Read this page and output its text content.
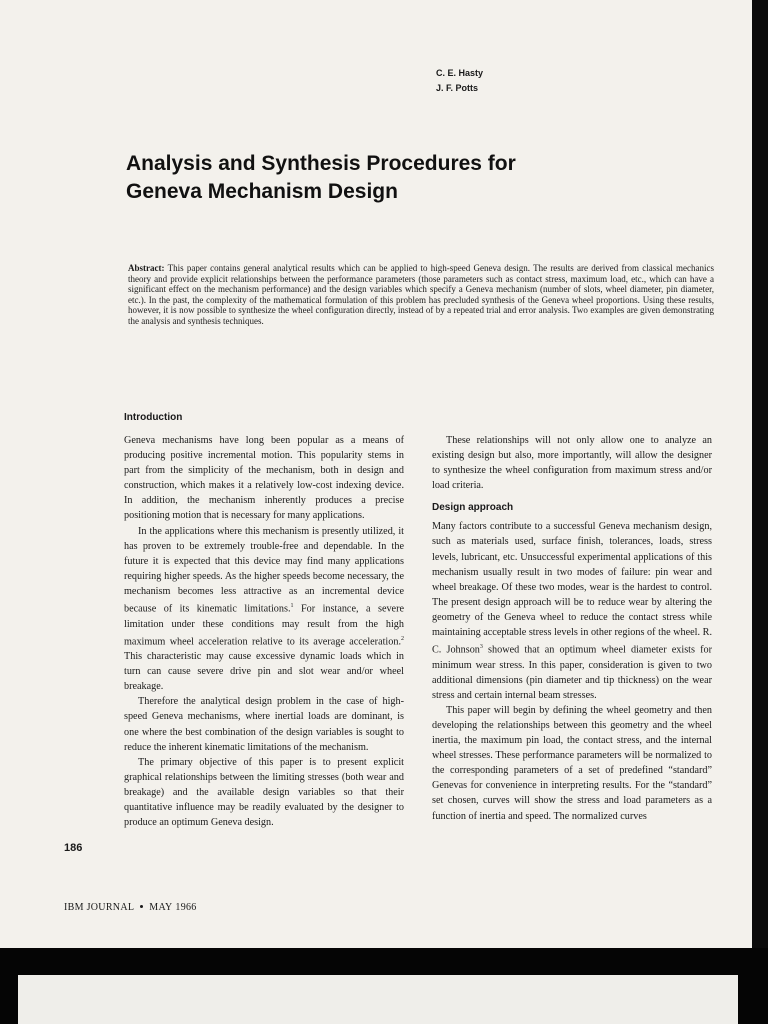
C. E. Hasty
J. F. Potts
Analysis and Synthesis Procedures for
Geneva Mechanism Design
Abstract: This paper contains general analytical results which can be applied to high-speed Geneva design. The results are derived from classical mechanics theory and provide explicit relationships between the performance parameters (those parameters such as contact stress, maximum load, etc., which can have a significant effect on the mechanism performance) and the design variables which specify a Geneva mechanism (number of slots, wheel diameter, pin diameter, etc.). In the past, the complexity of the mathematical formulation of this problem has precluded synthesis of the Geneva wheel proportions. Using these results, however, it is now possible to synthesize the wheel configuration directly, instead of by a repeated trial and error analysis. Two examples are given demonstrating the analysis and synthesis techniques.
Introduction

Geneva mechanisms have long been popular as a means of producing positive incremental motion. This popularity stems in part from the simplicity of the mechanism, both in design and construction, which makes it a relatively low-cost indexing device. In addition, the mechanism inherently produces a precise positioning motion that is necessary for many applications.

In the applications where this mechanism is presently utilized, it has proven to be extremely trouble-free and dependable. In the future it is expected that this device may find many applications requiring higher speeds. As the higher speeds become necessary, the mechanism becomes less attractive as an incremental device because of its kinematic limitations.$^1$ For instance, a severe limitation under these conditions may result from the high maximum wheel acceleration relative to its average acceleration.$^2$ This characteristic may cause excessive dynamic loads which in turn can cause severe drive pin and slot wear and/or wheel breakage.

Therefore the analytical design problem in the case of high-speed Geneva mechanisms, where inertial loads are dominant, is one where the best combination of the design variables is sought to reduce the inherent kinematic limitations of the mechanism.

The primary objective of this paper is to present explicit graphical relationships between the limiting stresses (both wear and breakage) and the available design variables so that their quantitative influence may be readily evaluated by the designer to produce an optimum Geneva design.

These relationships will not only allow one to analyze an existing design but also, more importantly, will allow the designer to synthesize the wheel configuration from maximum stress and/or load criteria.

Design approach

Many factors contribute to a successful Geneva mechanism design, such as materials used, surface finish, tolerances, loads, stress levels, lubricant, etc. Unsuccessful experimental applications of this mechanism usually result in two modes of failure: pin wear and wheel breakage. Of these two modes, wear is the hardest to control. The present design approach will be to reduce wear by altering the geometry of the Geneva wheel to reduce the contact stress while maintaining acceptable stress levels in other regions of the wheel. R. C. Johnson$^3$ showed that an optimum wheel diameter exists for minimum wear stress. In this paper, consideration is given to two additional dimensions (pin diameter and tip thickness) on the wear stress and certain internal beam stresses.

This paper will begin by defining the wheel geometry and then developing the relationships between this geometry and the wheel inertia, the maximum pin load, the contact stress, and the internal wheel stresses. These performance parameters will be normalized to the corresponding parameters of a set of predefined “standard” Genevas for convenience in interpreting results. For the “standard” set chosen, curves will show the stress and load parameters as a function of inertia and speed. The normalized curves

186
IBM JOURNAL MAY 1966
